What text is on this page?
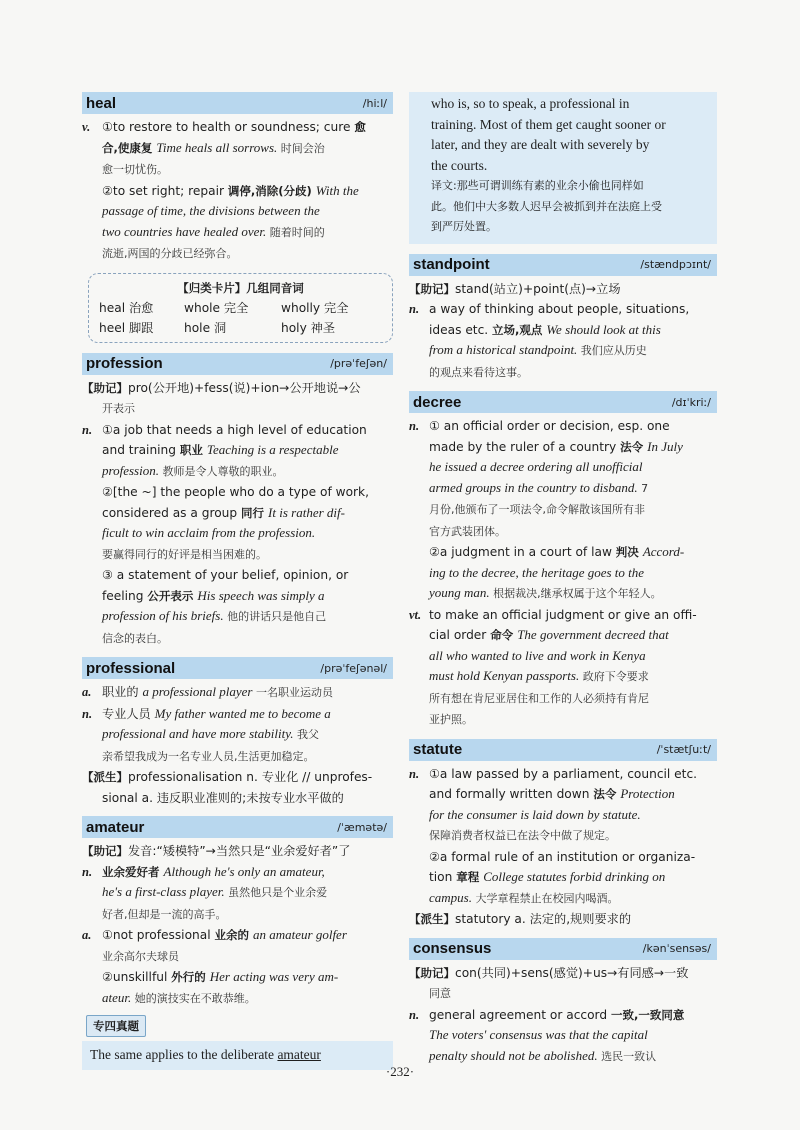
heal	/hiːl/
v. ①to restore to health or soundness; cure 愈
合,使康复 Time heals all sorrows. 时间会治
愈一切忧伤。
②to set right; repair 调停,消除(分歧) With the
passage of time, the divisions between the
two countries have healed over. 随着时间的
流逝,两国的分歧已经弥合。
【归类卡片】几组同音词
heal 治愈	whole 完全	wholly 完全
heel 脚跟	hole 洞	holy 神圣
profession	/prəˈfeʃən/
【助记】pro(公开地)+fess(说)+ion→公开地说→公
开表示
n. ①a job that needs a high level of education
and training 职业 Teaching is a respectable
profession. 教师是令人尊敬的职业。
②[the ~] the people who do a type of work,
considered as a group 同行 It is rather dif-
ficult to win acclaim from the profession.
要赢得同行的好评是相当困难的。
③ a statement of your belief, opinion, or
feeling 公开表示 His speech was simply a
profession of his briefs. 他的讲话只是他自己
信念的表白。
professional	/prəˈfeʃənəl/
a. 职业的 a professional player 一名职业运动员
n. 专业人员 My father wanted me to become a
professional and have more stability. 我父
亲希望我成为一名专业人员,生活更加稳定。
【派生】professionalisation n. 专业化 // unprofes-
sional a. 违反职业准则的;未按专业水平做的
amateur	/ˈæmətə/
【助记】发音:“矮模特”→当然只是“业余爱好者”了
n. 业余爱好者 Although he's only an amateur,
he's a first-class player. 虽然他只是个业余爱
好者,但却是一流的高手。
a. ①not professional 业余的 an amateur golfer
业余高尔夫球员
②unskillful 外行的 Her acting was very am-
ateur. 她的演技实在不敢恭维。
专四真题
The same applies to the deliberate amateur
who is, so to speak, a professional in
training. Most of them get caught sooner or
later, and they are dealt with severely by
the courts.
译文:那些可谓训练有素的业余小偷也同样如
此。他们中大多数人迟早会被抓到并在法庭上受
到严厉处置。
standpoint	/stændpɔɪnt/
【助记】stand(站立)+point(点)→立场
n. a way of thinking about people, situations,
ideas etc. 立场,观点 We should look at this
from a historical standpoint. 我们应从历史
的观点来看待这事。
decree	/dɪˈkriː/
n. ① an official order or decision, esp. one
made by the ruler of a country 法令 In July
he issued a decree ordering all unofficial
armed groups in the country to disband. 7
月份,他颁布了一项法令,命令解散该国所有非
官方武装团体。
②a judgment in a court of law 判决 Accord-
ing to the decree, the heritage goes to the
young man. 根据裁决,继承权属于这个年轻人。
vt. to make an official judgment or give an offi-
cial order 命令 The government decreed that
all who wanted to live and work in Kenya
must hold Kenyan passports. 政府下令要求
所有想在肯尼亚居住和工作的人必须持有肯尼
亚护照。
statute	/ˈstætʃuːt/
n. ①a law passed by a parliament, council etc.
and formally written down 法令 Protection
for the consumer is laid down by statute.
保障消费者权益已在法令中做了规定。
②a formal rule of an institution or organiza-
tion 章程 College statutes forbid drinking on
campus. 大学章程禁止在校园内喝酒。
【派生】statutory a. 法定的,规则要求的
consensus	/kənˈsensəs/
【助记】con(共同)+sens(感觉)+us→有同感→一致
同意
n. general agreement or accord 一致,一致同意
The voters' consensus was that the capital
penalty should not be abolished. 选民一致认
·232·
